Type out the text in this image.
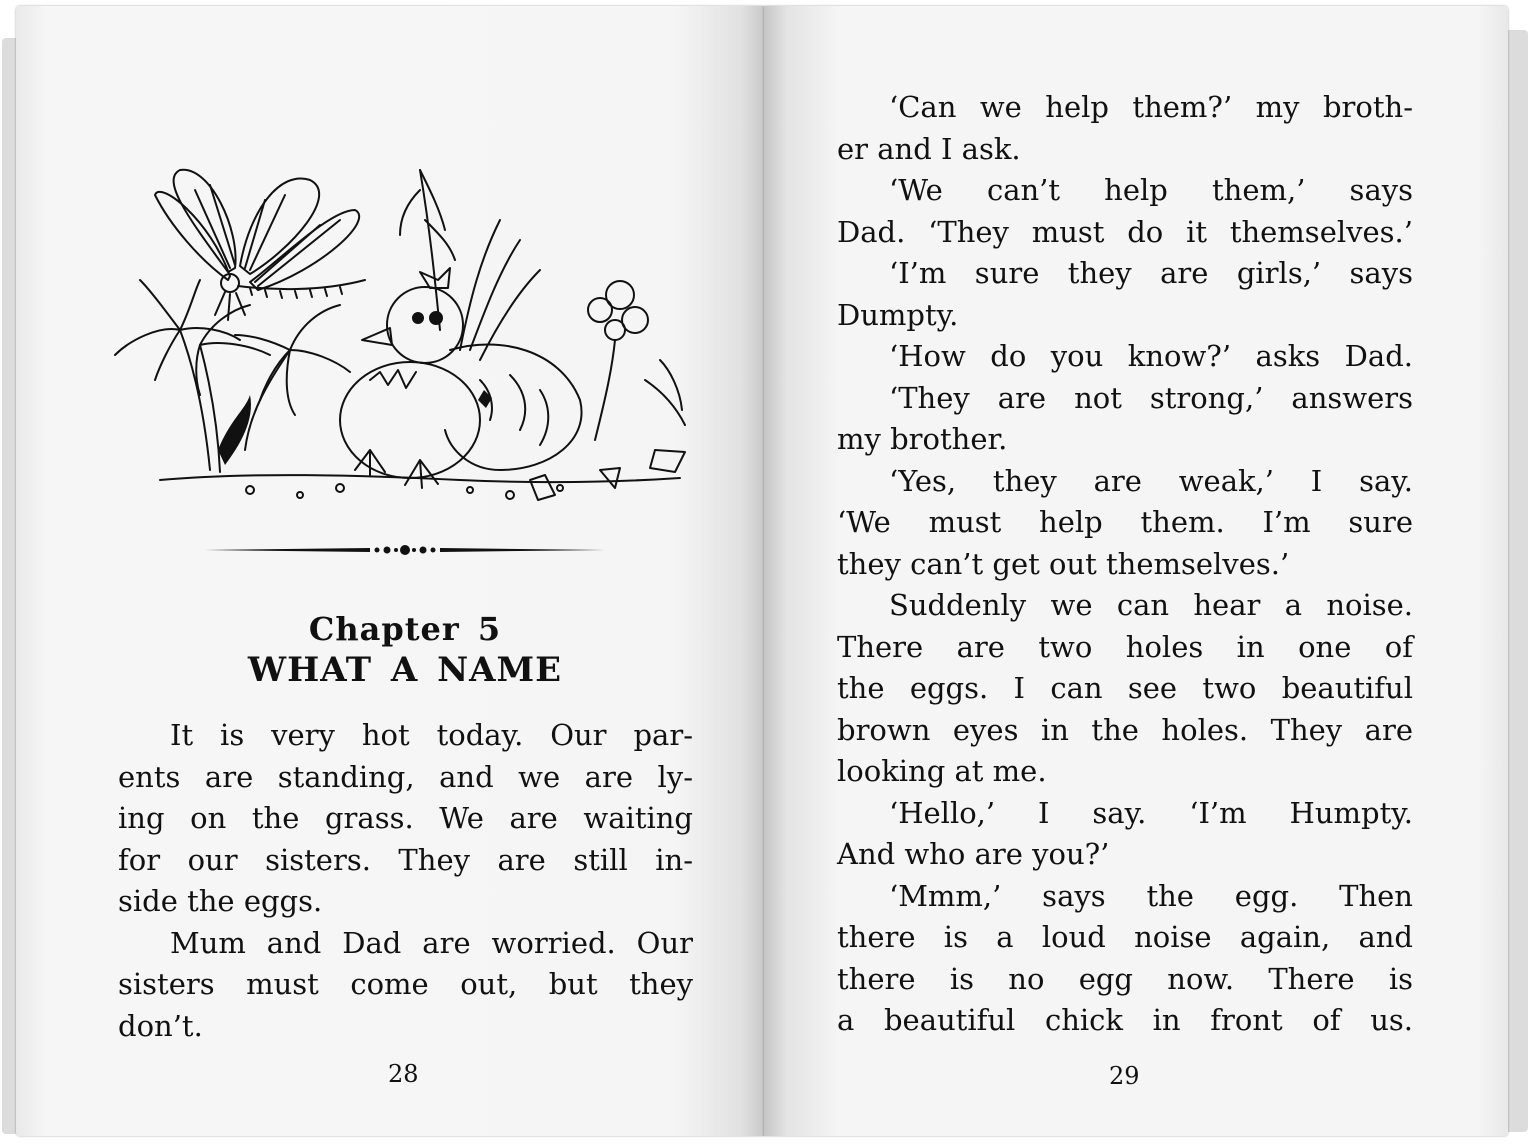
Chapter 5
WHAT A NAME
It is very hot today. Our par-
ents are standing, and we are ly-
ing on the grass. We are waiting
for our sisters. They are still in-
side the eggs.
Mum and Dad are worried. Our
sisters must come out, but they
don’t.
28
‘Can we help them?’ my broth-
er and I ask.
‘We can’t help them,’ says
Dad. ‘They must do it themselves.’
‘I’m sure they are girls,’ says
Dumpty.
‘How do you know?’ asks Dad.
‘They are not strong,’ answers
my brother.
‘Yes, they are weak,’ I say.
‘We must help them. I’m sure
they can’t get out themselves.’
Suddenly we can hear a noise.
There are two holes in one of
the eggs. I can see two beautiful
brown eyes in the holes. They are
looking at me.
‘Hello,’ I say. ‘I’m Humpty.
And who are you?’
‘Mmm,’ says the egg. Then
there is a loud noise again, and
there is no egg now. There is
a beautiful chick in front of us.
29
